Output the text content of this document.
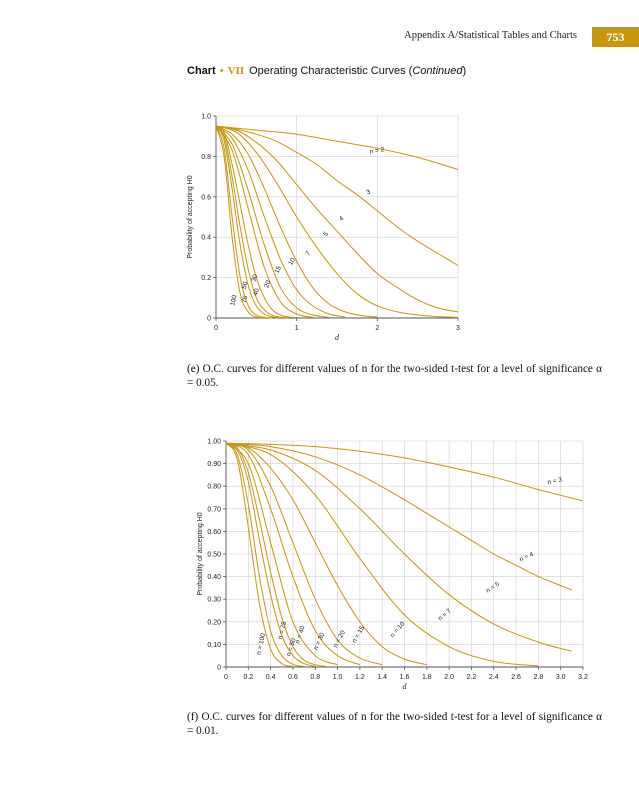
Appendix A/Statistical Tables and Charts 753
Chart • VII Operating Characteristic Curves (Continued)
0	1	2	3
0
0.2
0.4
0.6
0.8
1.0
d
Probability of accepting H0
n = 2
3
4
5
7
10
15
20
30
40
50
75
100
0 0.2 0.4 0.6 0.8 1.0 1.2 1.4 1.6 1.8 2.0 2.2 2.4 2.6 2.8 3.0 3.2
0
0.10
0.20
0.30
0.40
0.50
0.60
0.70
0.80
0.90
1.00
d
Probability of accepting H0
n = 3
n = 4
n = 5
n = 7
n = 10
n = 15
n = 20
n = 30
n = 40
n = 50
n = 75
n = 100
(e) O.C. curves for different values of n for the two-sided t-test for a level of significance α = 0.05.
(f) O.C. curves for different values of n for the two-sided t-test for a level of significance α = 0.01.
